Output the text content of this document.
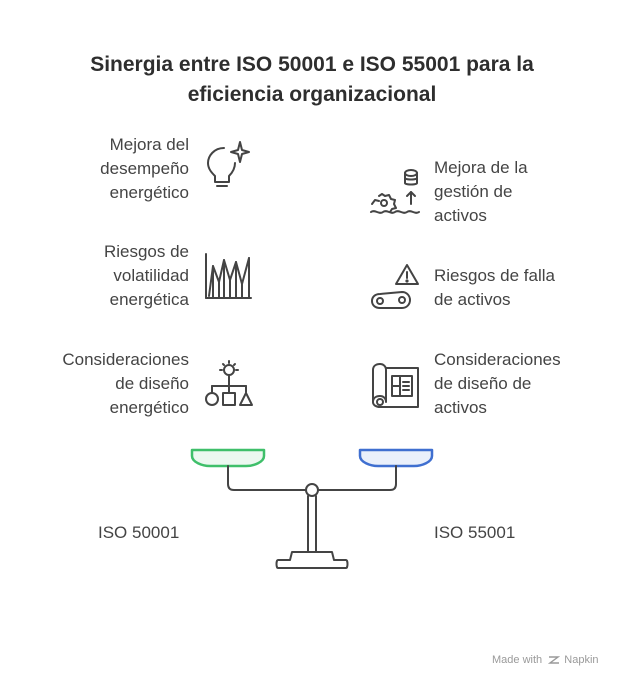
Sinergia entre ISO 50001 e ISO 55001 para la
eficiencia organizacional
Mejora del
desempeño
energético
Riesgos de
volatilidad
energética
Consideraciones
de diseño
energético
Mejora de la
gestión de
activos
Riesgos de falla
de activos
Consideraciones
de diseño de
activos
ISO 50001	ISO 55001
Made with Napkin
